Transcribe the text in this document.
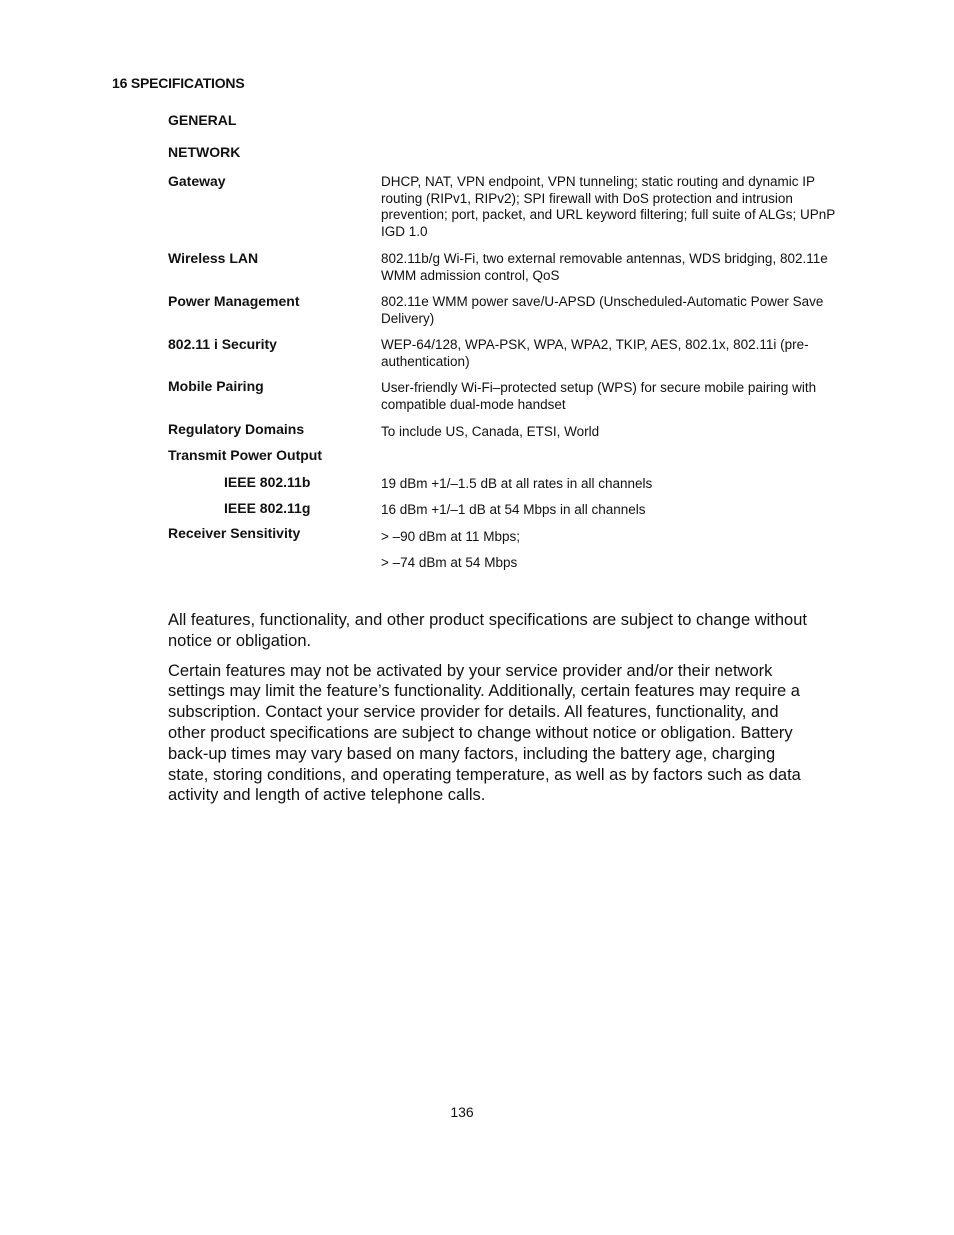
16 SPECIFICATIONS
GENERAL
NETWORK
Gateway	DHCP, NAT, VPN endpoint, VPN tunneling; static routing and dynamic IP routing (RIPv1, RIPv2); SPI firewall with DoS protection and intrusion prevention; port, packet, and URL keyword filtering; full suite of ALGs; UPnP IGD 1.0
Wireless LAN	802.11b/g Wi-Fi, two external removable antennas, WDS bridging, 802.11e WMM admission control, QoS
Power Management	802.11e WMM power save/U-APSD (Unscheduled-Automatic Power Save Delivery)
802.11 i Security	WEP-64/128, WPA-PSK, WPA, WPA2, TKIP, AES, 802.1x, 802.11i (pre-authentication)
Mobile Pairing	User-friendly Wi-Fi–protected setup (WPS) for secure mobile pairing with compatible dual-mode handset
Regulatory Domains	To include US, Canada, ETSI, World
Transmit Power Output
IEEE 802.11b	19 dBm +1/–1.5 dB at all rates in all channels
IEEE 802.11g	16 dBm +1/–1 dB at 54 Mbps in all channels
Receiver Sensitivity	> –90 dBm at 11 Mbps;
> –74 dBm at 54 Mbps

All features, functionality, and other product specifications are subject to change without notice or obligation.

Certain features may not be activated by your service provider and/or their network settings may limit the feature’s functionality. Additionally, certain features may require a subscription. Contact your service provider for details. All features, functionality, and other product specifications are subject to change without notice or obligation. Battery back-up times may vary based on many factors, including the battery age, charging state, storing conditions, and operating temperature, as well as by factors such as data activity and length of active telephone calls.

136
